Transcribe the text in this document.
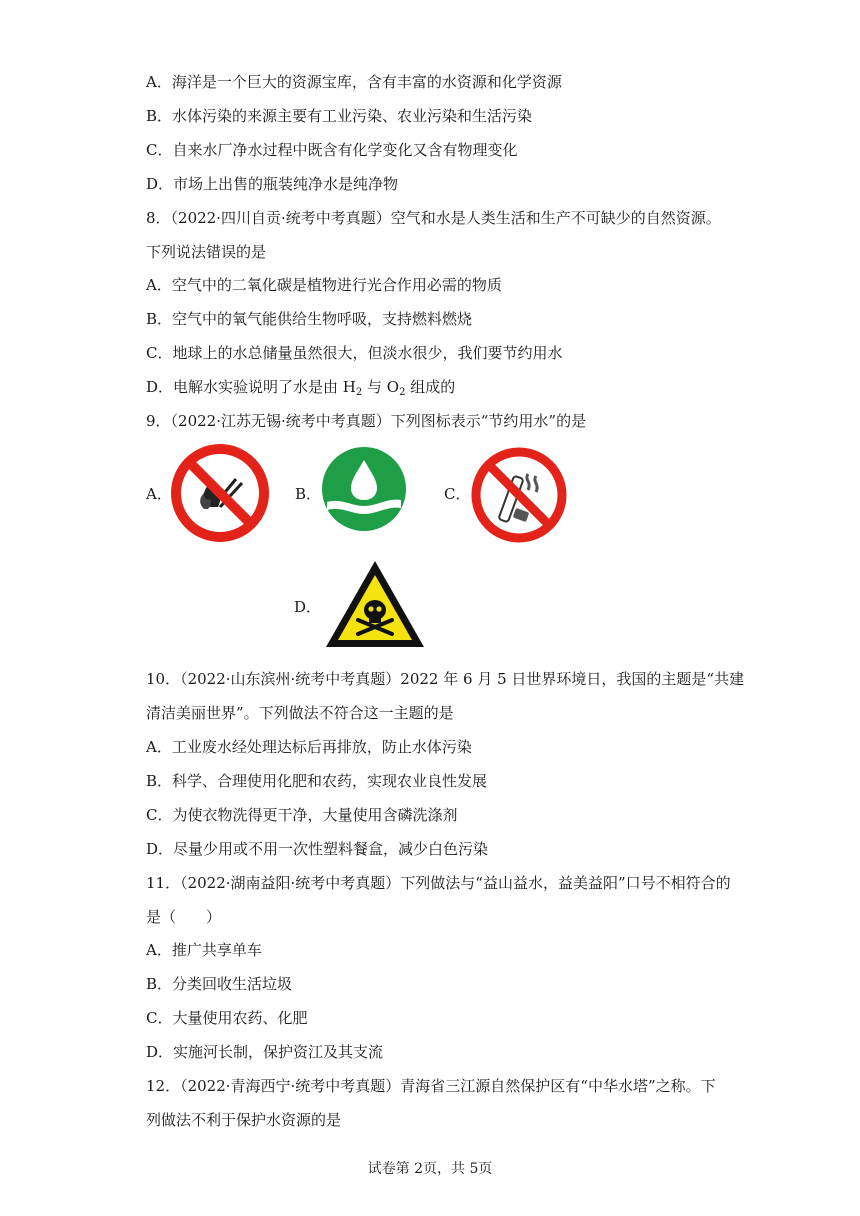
A．海洋是一个巨大的资源宝库，含有丰富的水资源和化学资源
B．水体污染的来源主要有工业污染、农业污染和生活污染
C．自来水厂净水过程中既含有化学变化又含有物理变化
D．市场上出售的瓶装纯净水是纯净物
8．（2022·四川自贡·统考中考真题）空气和水是人类生活和生产不可缺少的自然资源。
下列说法错误的是
A．空气中的二氧化碳是植物进行光合作用必需的物质
B．空气中的氧气能供给生物呼吸，支持燃料燃烧
C．地球上的水总储量虽然很大，但淡水很少，我们要节约用水
D．电解水实验说明了水是由 $H_2$ 与 $O_2$ 组成的
9．（2022·江苏无锡·统考中考真题）下列图标表示“节约用水”的是
A．	B．	C．
D．
10．（2022·山东滨州·统考中考真题）2022 年 6 月 5 日世界环境日，我国的主题是“共建
清洁美丽世界”。下列做法不符合这一主题的是
A．工业废水经处理达标后再排放，防止水体污染
B．科学、合理使用化肥和农药，实现农业良性发展
C．为使衣物洗得更干净，大量使用含磷洗涤剂
D．尽量少用或不用一次性塑料餐盒，减少白色污染
11．（2022·湖南益阳·统考中考真题）下列做法与“益山益水，益美益阳”口号不相符合的
是（　　）
A．推广共享单车
B．分类回收生活垃圾
C．大量使用农药、化肥
D．实施河长制，保护资江及其支流
12．（2022·青海西宁·统考中考真题）青海省三江源自然保护区有“中华水塔”之称。下
列做法不利于保护水资源的是
试卷第 2页，共 5页
